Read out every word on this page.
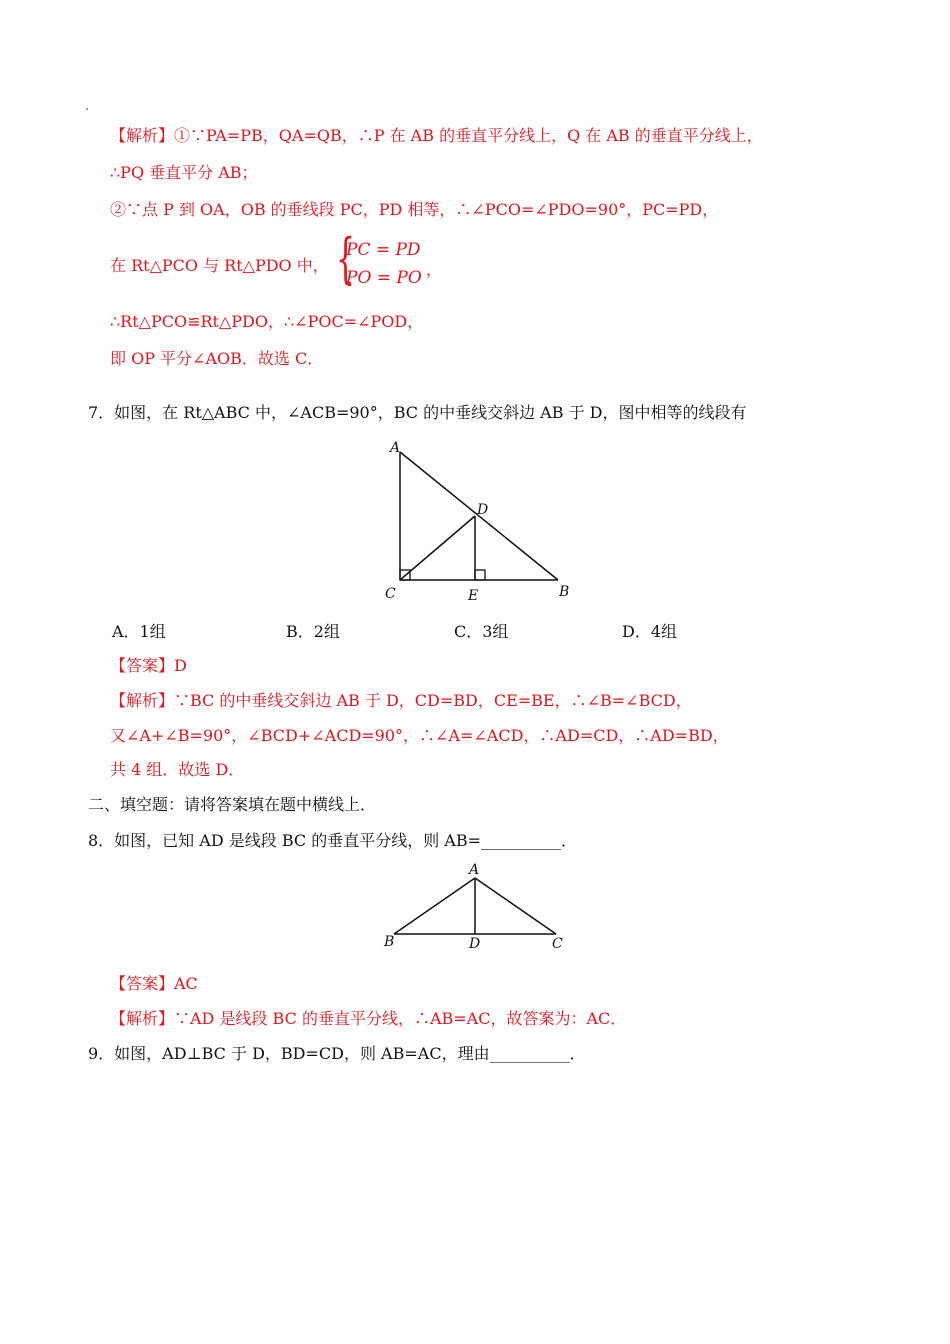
【解析】①∵PA=PB，QA=QB，∴P 在 AB 的垂直平分线上，Q 在 AB 的垂直平分线上，
∴PQ 垂直平分 AB；
②∵点 P 到 OA，OB 的垂线段 PC，PD 相等，∴∠PCO=∠PDO=90°，PC=PD，
在 Rt△PCO 与 Rt△PDO 中， {
PC = PD
PO = PO ，
∴Rt△PCO≌Rt△PDO，∴∠POC=∠POD，
即 OP 平分∠AOB．故选 C．
7．如图，在 Rt△ABC 中，∠ACB=90°，BC 的中垂线交斜边 AB 于 D，图中相等的线段有
A
D
C	E	B
A．1组	B．2组	C．3组	D．4组
【答案】D
【解析】∵BC 的中垂线交斜边 AB 于 D，CD=BD，CE=BE，∴∠B=∠BCD，
又∠A+∠B=90°，∠BCD+∠ACD=90°，∴∠A=∠ACD，∴AD=CD，∴AD=BD，
共 4 组．故选 D．
二、填空题：请将答案填在题中横线上．
8．如图，已知 AD 是线段 BC 的垂直平分线，则 AB=__________．
A
B	D	C
【答案】AC
【解析】∵AD 是线段 BC 的垂直平分线，∴AB=AC，故答案为：AC．
9．如图，AD⊥BC 于 D，BD=CD，则 AB=AC，理由__________．
